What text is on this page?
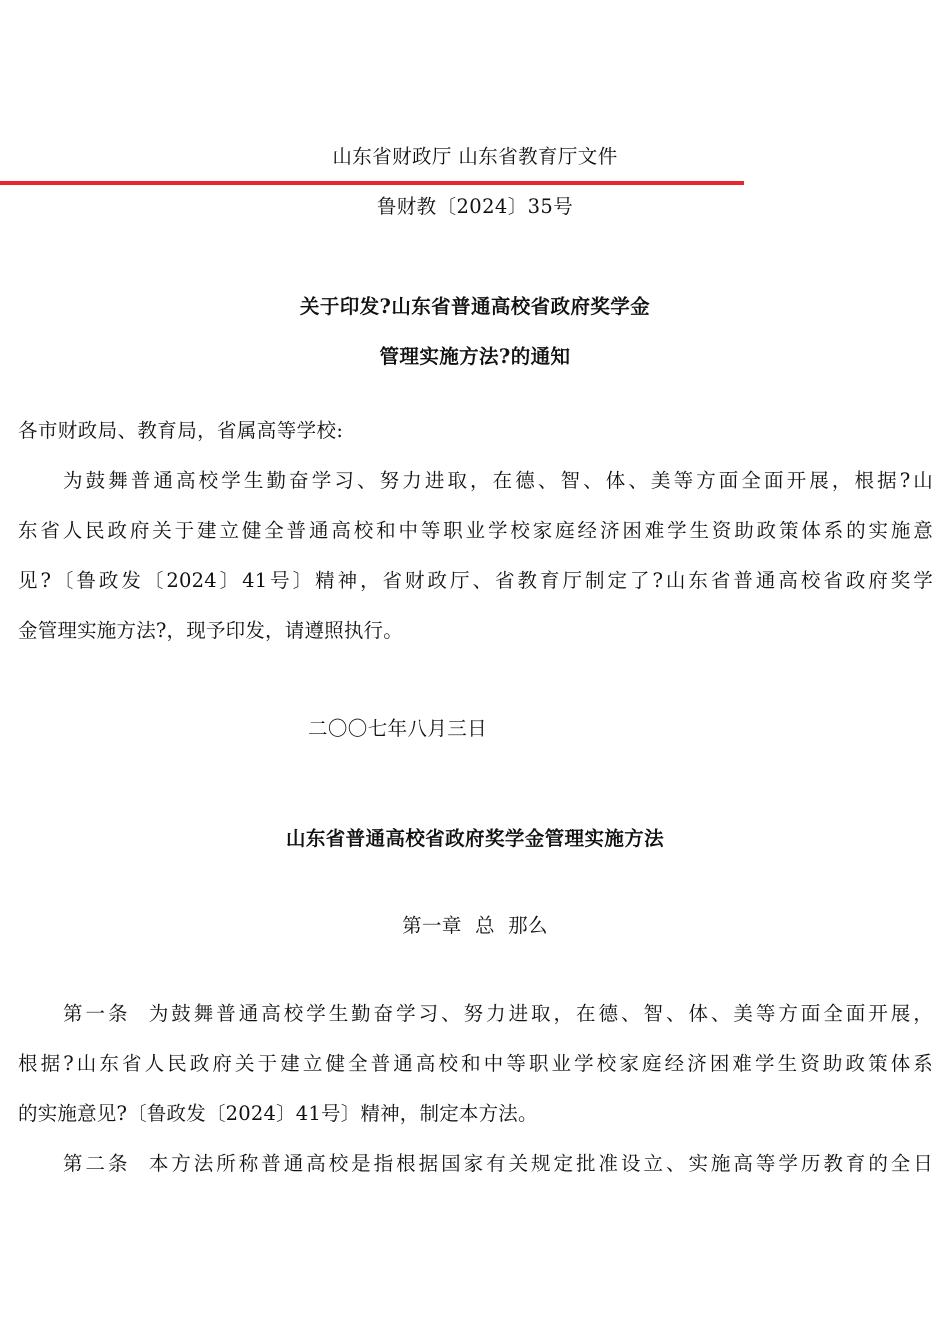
山东省财政厅 山东省教育厅文件
鲁财教〔2024〕35号
关于印发?山东省普通高校省政府奖学金
管理实施方法?的通知
各市财政局、教育局，省属高等学校:
为鼓舞普通高校学生勤奋学习、努力进取，在德、智、体、美等方面全面开展，根据?山
东省人民政府关于建立健全普通高校和中等职业学校家庭经济困难学生资助政策体系的实施意
见?〔鲁政发〔2024〕41号〕精神，省财政厅、省教育厅制定了?山东省普通高校省政府奖学
金管理实施方法?，现予印发，请遵照执行。
二〇〇七年八月三日
山东省普通高校省政府奖学金管理实施方法
第一章  总  那么
第一条  为鼓舞普通高校学生勤奋学习、努力进取，在德、智、体、美等方面全面开展，
根据?山东省人民政府关于建立健全普通高校和中等职业学校家庭经济困难学生资助政策体系
的实施意见?〔鲁政发〔2024〕41号〕精神，制定本方法。
第二条  本方法所称普通高校是指根据国家有关规定批准设立、实施高等学历教育的全日
